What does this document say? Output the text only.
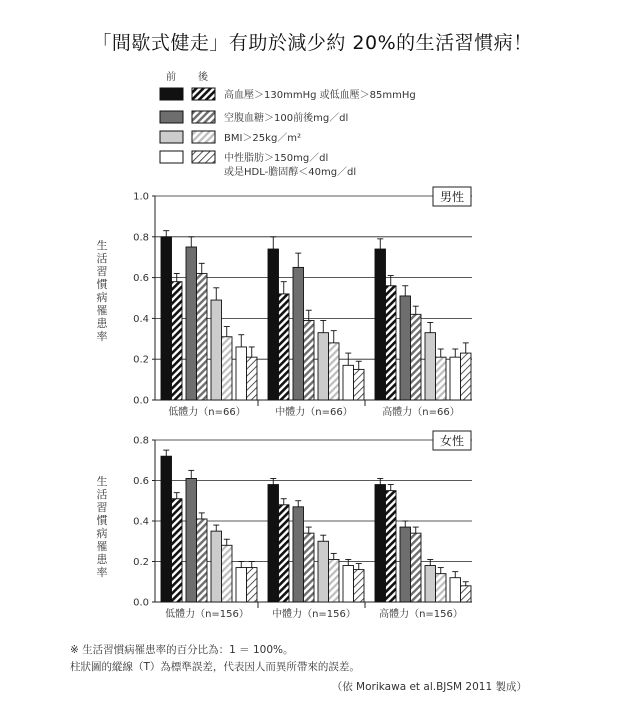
「間歇式健走」有助於減少約 20%的生活習慣病！
前 後
高血壓＞130mmHg 或低血壓＞85mmHg
空腹血糖＞100前後mg／dl
BMI＞25kg／m²
中性脂肪＞150mg／dl
或是HDL-膽固醇＜40mg／dl
生活習慣病罹患率
生活習慣病罹患率
0.0
0.2
0.4
0.6
0.8
1.0	男性
低體力（n=66）	中體力（n=66）	高體力（n=66）
0.0
0.2
0.4
0.6
0.8	女性
低體力（n=156） 中體力（n=156） 高體力（n=156）
※ 生活習慣病罹患率的百分比為：1 ＝ 100%。
柱狀圖的縱線（T）為標準誤差，代表因人而異所帶來的誤差。
（依 Morikawa et al.BJSM 2011 製成）
